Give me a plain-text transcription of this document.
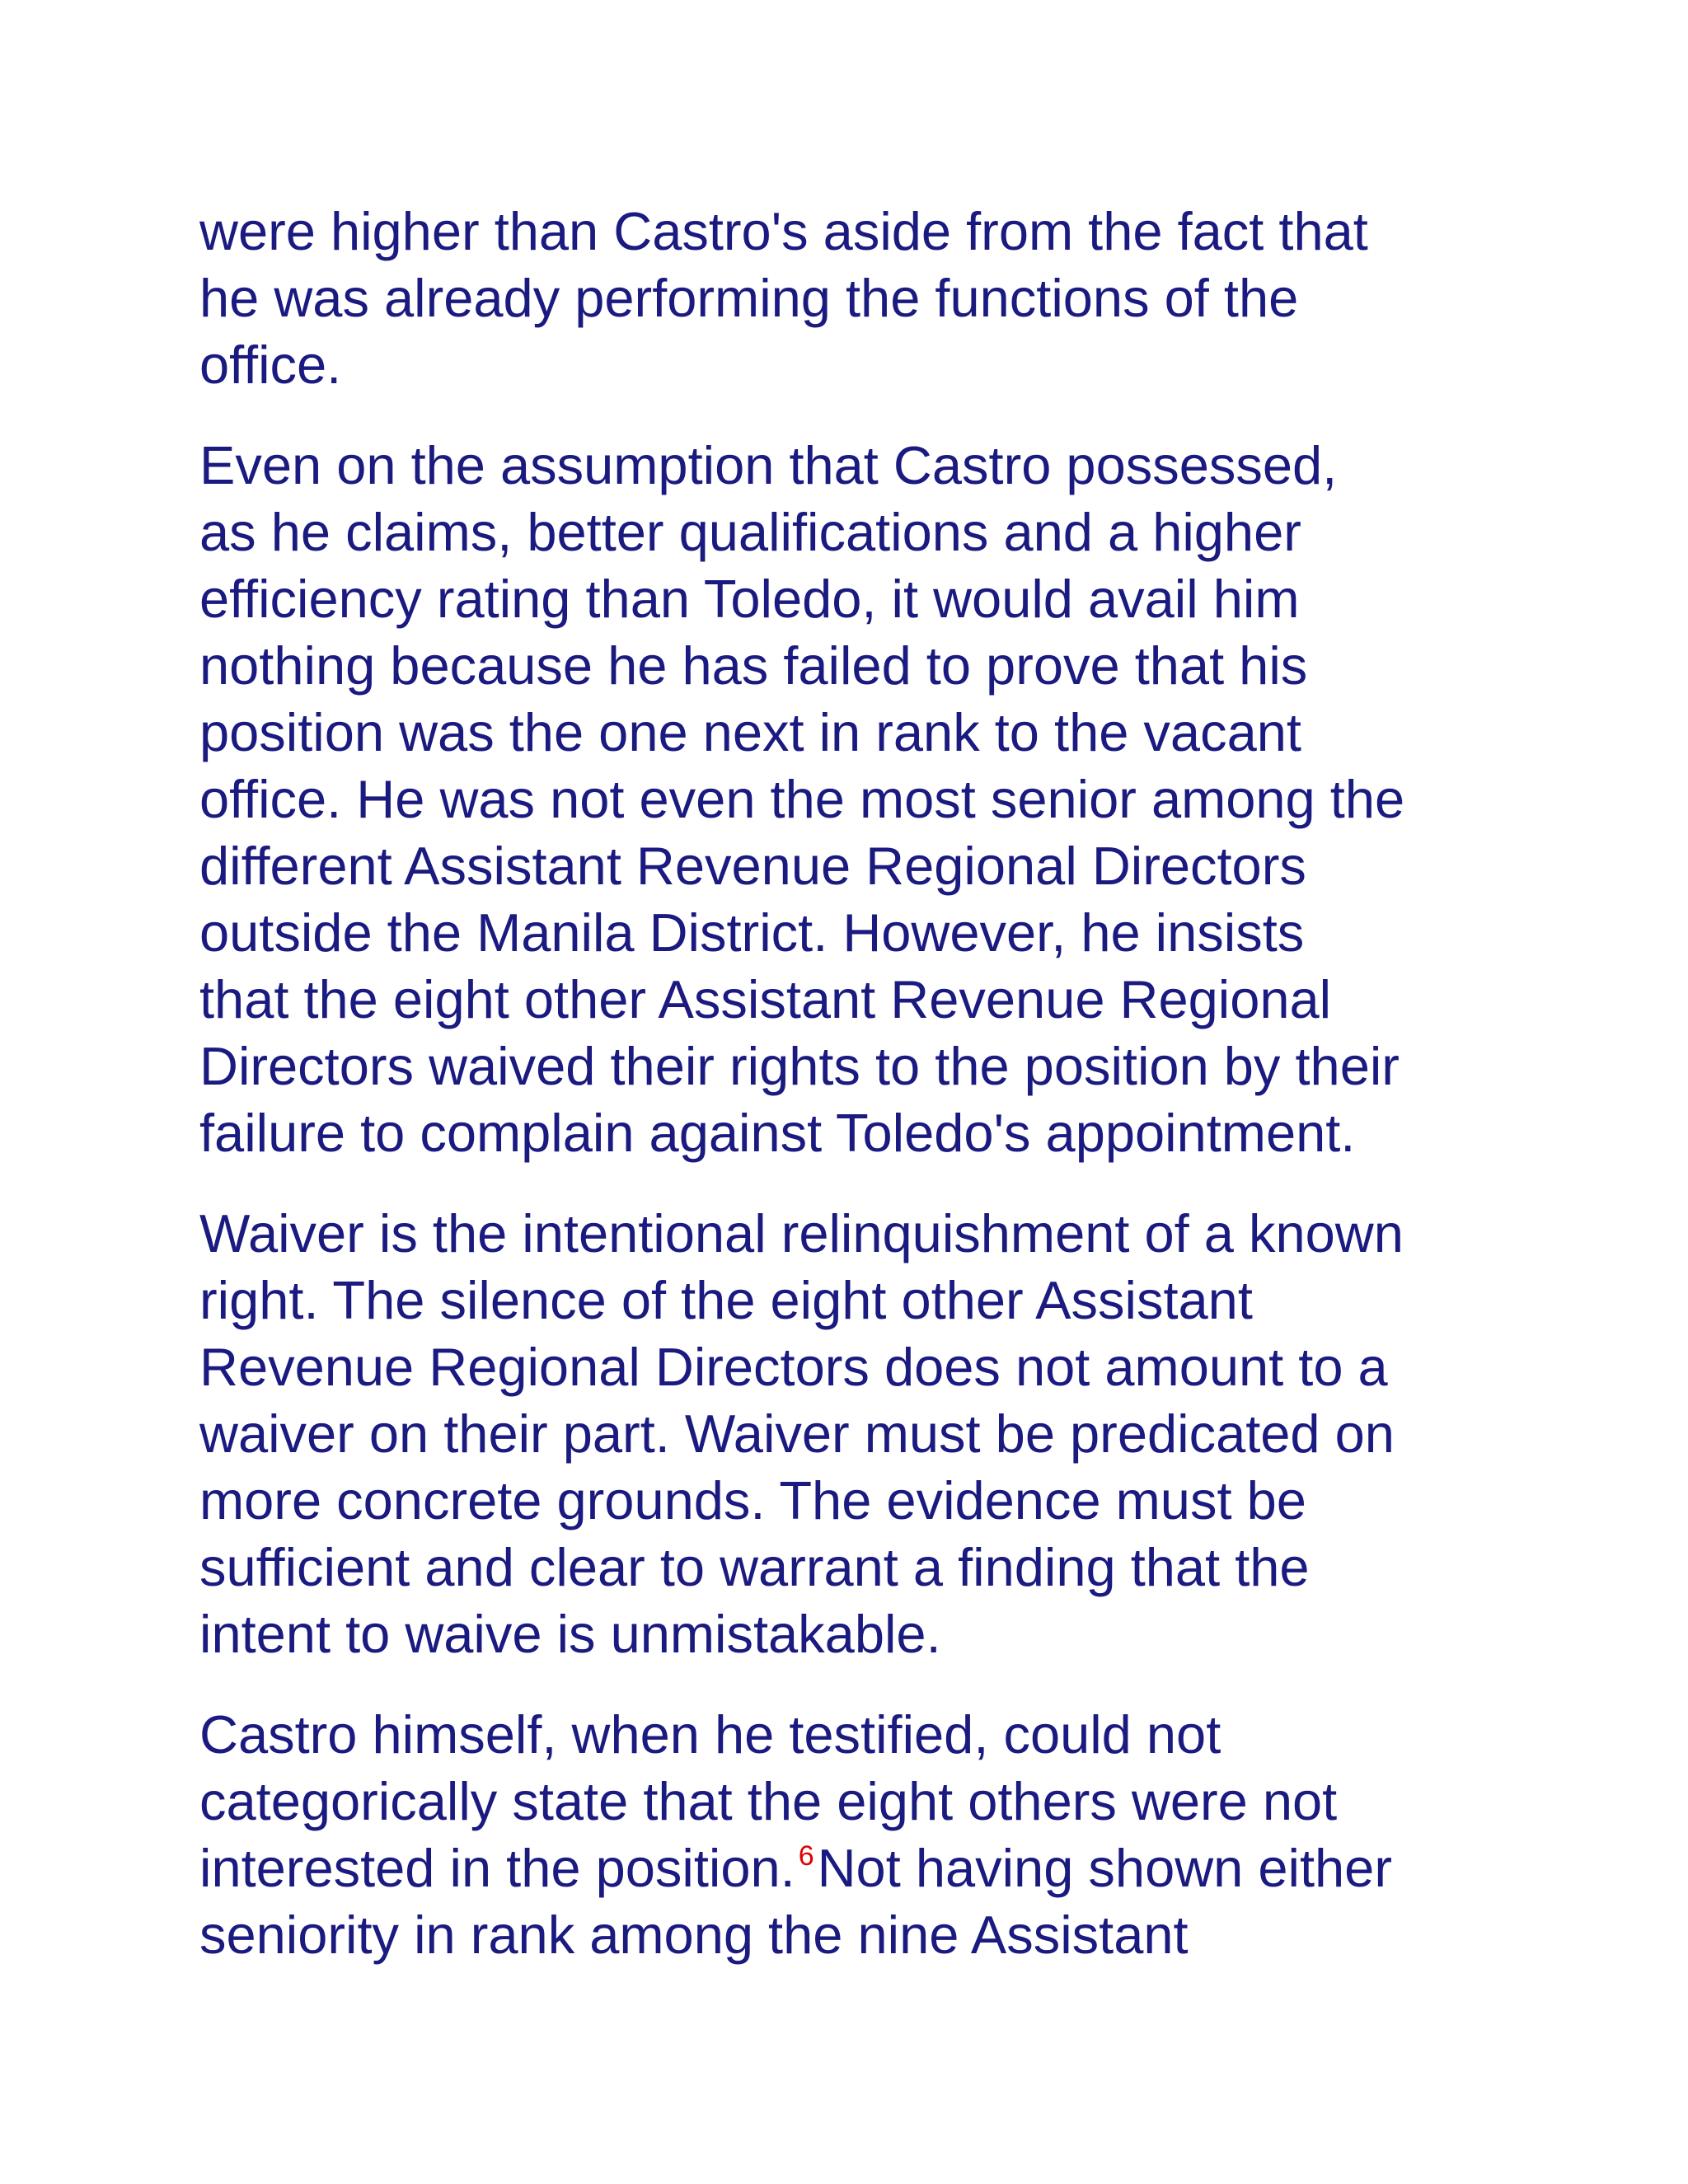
were higher than Castro's aside from the fact that
he was already performing the functions of the
office.

Even on the assumption that Castro possessed,
as he claims, better qualifications and a higher
efficiency rating than Toledo, it would avail him
nothing because he has failed to prove that his
position was the one next in rank to the vacant
office. He was not even the most senior among the
different Assistant Revenue Regional Directors
outside the Manila District. However, he insists
that the eight other Assistant Revenue Regional
Directors waived their rights to the position by their
failure to complain against Toledo's appointment.

Waiver is the intentional relinquishment of a known
right. The silence of the eight other Assistant
Revenue Regional Directors does not amount to a
waiver on their part. Waiver must be predicated on
more concrete grounds. The evidence must be
sufficient and clear to warrant a finding that the
intent to waive is unmistakable.

Castro himself, when he testified, could not
categorically state that the eight others were not
interested in the position. $^6$Not having shown either
seniority in rank among the nine Assistant
